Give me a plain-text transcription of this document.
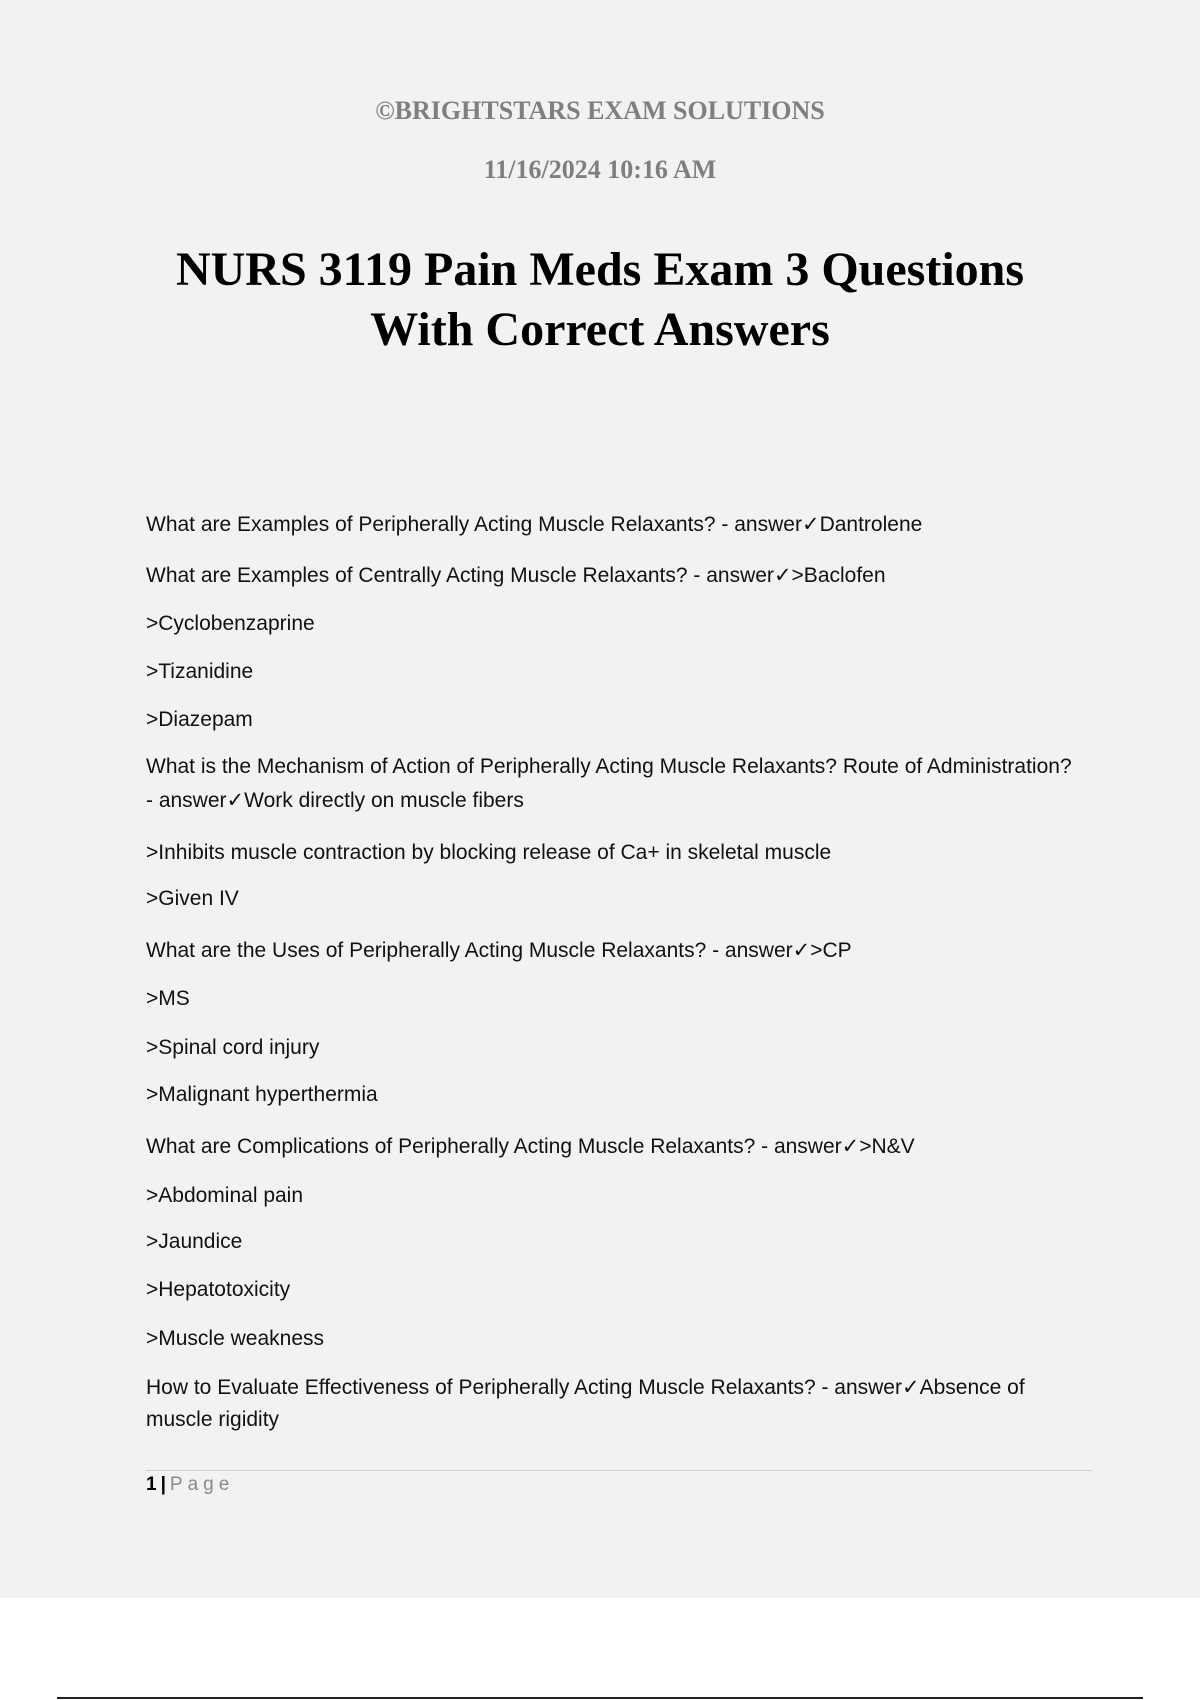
©BRIGHTSTARS EXAM SOLUTIONS
11/16/2024 10:16 AM
NURS 3119 Pain Meds Exam 3 Questions
With Correct Answers
What are Examples of Peripherally Acting Muscle Relaxants? - answer✓Dantrolene
What are Examples of Centrally Acting Muscle Relaxants? - answer✓>Baclofen
>Cyclobenzaprine
>Tizanidine
>Diazepam
What is the Mechanism of Action of Peripherally Acting Muscle Relaxants? Route of Administration? - answer✓Work directly on muscle fibers
>Inhibits muscle contraction by blocking release of Ca+ in skeletal muscle
>Given IV
What are the Uses of Peripherally Acting Muscle Relaxants? - answer✓>CP
>MS
>Spinal cord injury
>Malignant hyperthermia
What are Complications of Peripherally Acting Muscle Relaxants? - answer✓>N&V
>Abdominal pain
>Jaundice
>Hepatotoxicity
>Muscle weakness
How to Evaluate Effectiveness of Peripherally Acting Muscle Relaxants? - answer✓Absence of muscle rigidity
1 | Page
